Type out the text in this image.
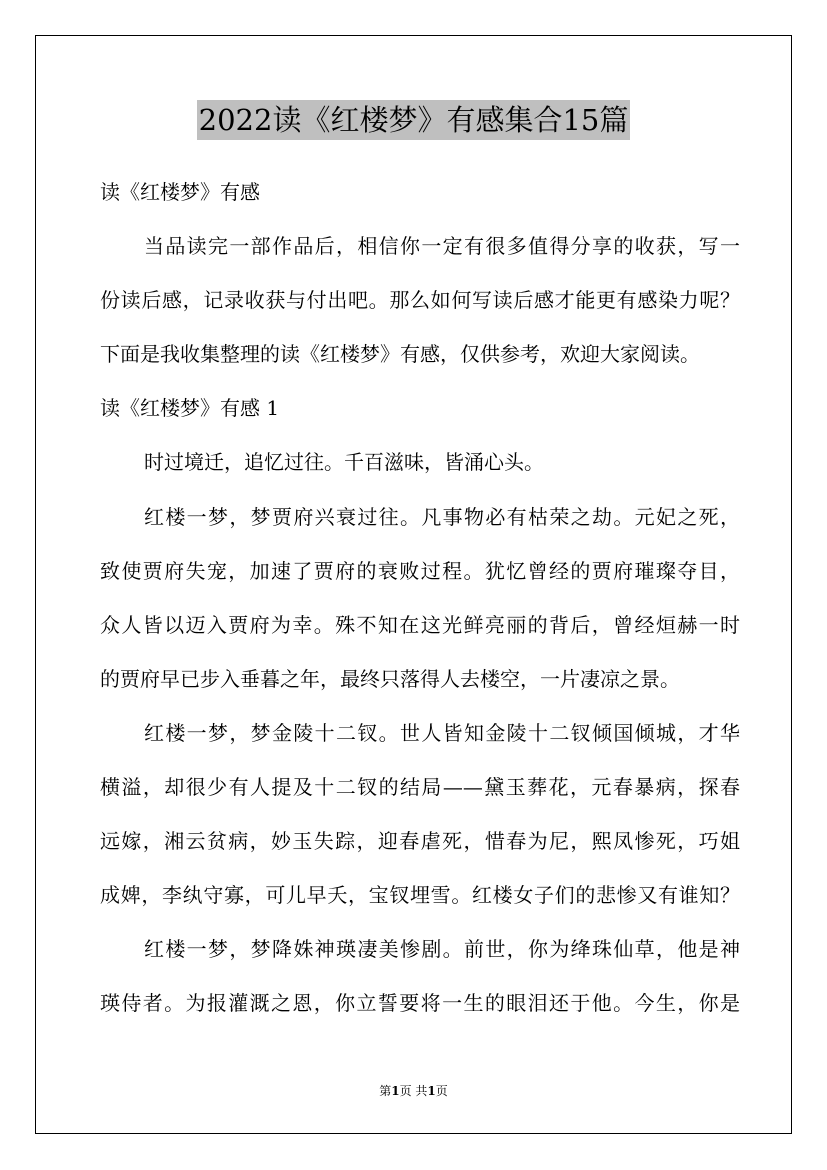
2022读《红楼梦》有感集合15篇
读《红楼梦》有感
当品读完一部作品后，相信你一定有很多值得分享的收获，写一
份读后感，记录收获与付出吧。那么如何写读后感才能更有感染力呢？
下面是我收集整理的读《红楼梦》有感，仅供参考，欢迎大家阅读。
读《红楼梦》有感 1
时过境迁，追忆过往。千百滋味，皆涌心头。
红楼一梦，梦贾府兴衰过往。凡事物必有枯荣之劫。元妃之死，
致使贾府失宠，加速了贾府的衰败过程。犹忆曾经的贾府璀璨夺目，
众人皆以迈入贾府为幸。殊不知在这光鲜亮丽的背后，曾经烜赫一时
的贾府早已步入垂暮之年，最终只落得人去楼空，一片凄凉之景。
红楼一梦，梦金陵十二钗。世人皆知金陵十二钗倾国倾城，才华
横溢，却很少有人提及十二钗的结局——黛玉葬花，元春暴病，探春
远嫁，湘云贫病，妙玉失踪，迎春虐死，惜春为尼，熙凤惨死，巧姐
成婢，李纨守寡，可儿早夭，宝钗埋雪。红楼女子们的悲惨又有谁知？
红楼一梦，梦降姝神瑛凄美惨剧。前世，你为绛珠仙草，他是神
瑛侍者。为报灌溉之恩，你立誓要将一生的眼泪还于他。今生，你是
第1页 共1页
